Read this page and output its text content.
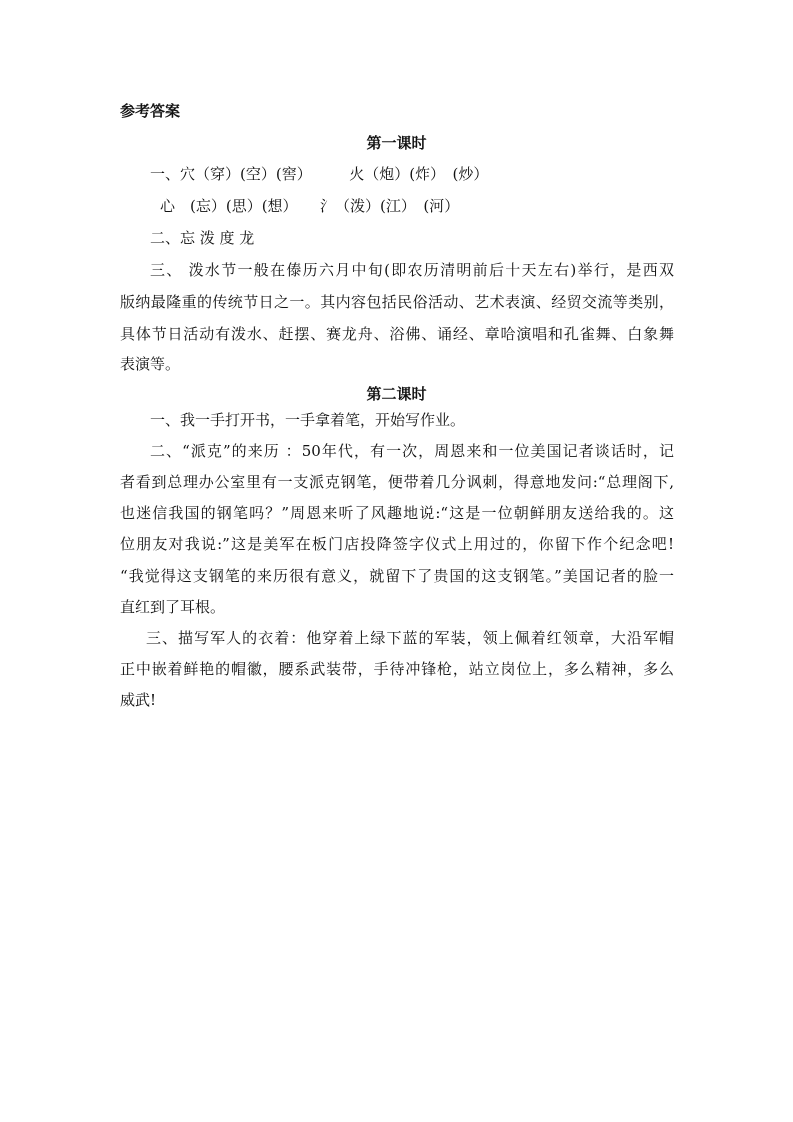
参考答案
第一课时
一、穴（穿）(空）(窖）　　　火（炮）(炸）　(炒）
心　(忘）(思）(想）　　氵（泼）(江）　(河）
二、忘 泼 度 龙
三、 泼水节一般在傣历六月中旬(即农历清明前后十天左右)举行，是西双
版纳最隆重的传统节日之一。其内容包括民俗活动、艺术表演、经贸交流等类别，
具体节日活动有泼水、赶摆、赛龙舟、浴佛、诵经、章哈演唱和孔雀舞、白象舞
表演等。
第二课时
一、我一手打开书，一手拿着笔，开始写作业。
二、“派克”的来历 ：50年代，有一次，周恩来和一位美国记者谈话时，记
者看到总理办公室里有一支派克钢笔，便带着几分讽刺，得意地发问:“总理阁下,
也迷信我国的钢笔吗？”周恩来听了风趣地说:“这是一位朝鲜朋友送给我的。这
位朋友对我说:”这是美军在板门店投降签字仪式上用过的，你留下作个纪念吧!
“我觉得这支钢笔的来历很有意义，就留下了贵国的这支钢笔。”美国记者的脸一
直红到了耳根。
三、描写军人的衣着：他穿着上绿下蓝的军装，领上佩着红领章，大沿军帽
正中嵌着鲜艳的帽徽，腰系武装带，手待冲锋枪，站立岗位上，多么精神，多么
威武!
